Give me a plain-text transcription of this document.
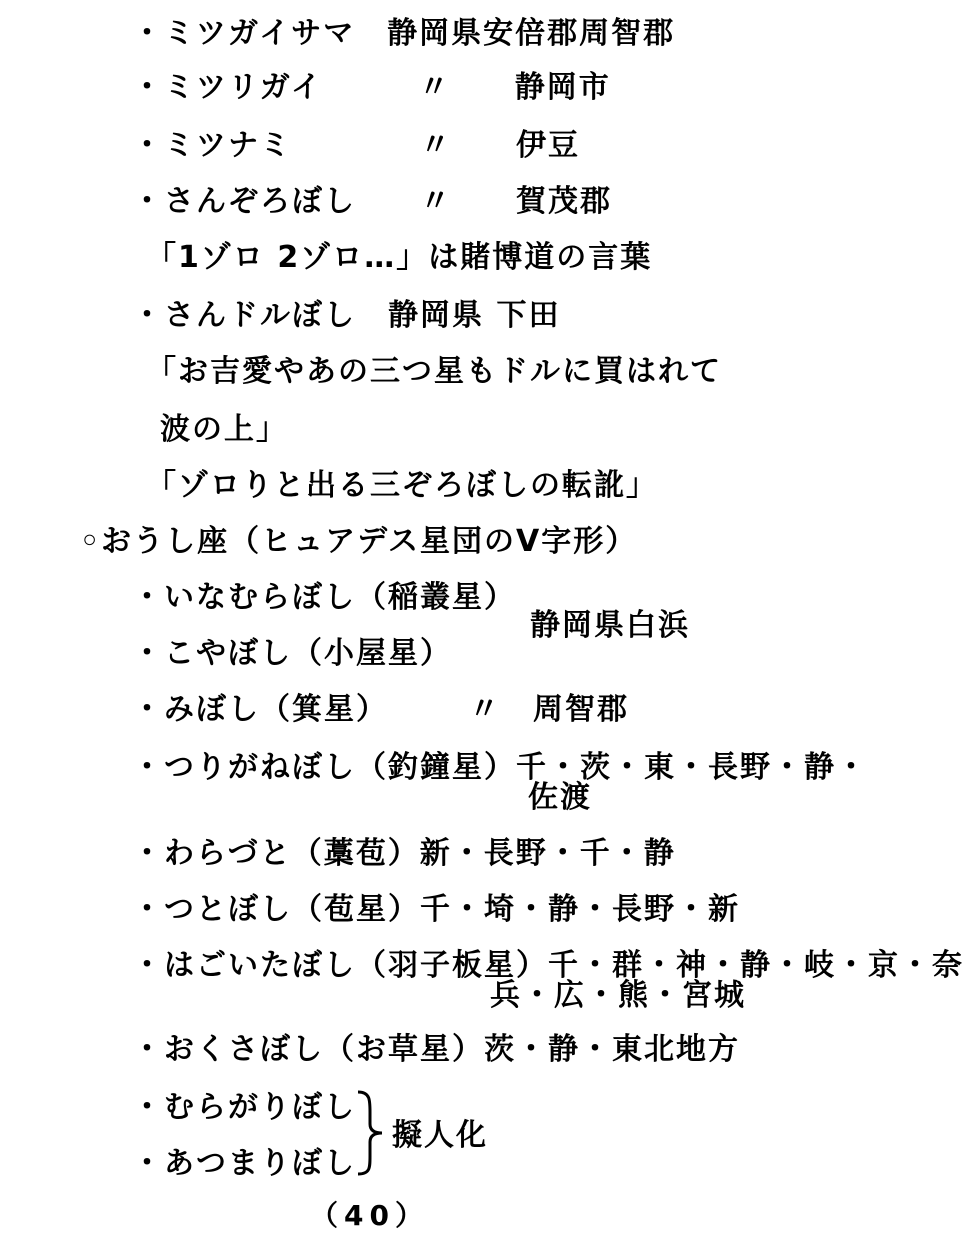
・ミツガイサマ　静岡県安倍郡周智郡
・ミツリガイ　　　〃　　静岡市
・ミツナミ　　　　〃　　伊豆
・さんぞろぼし　　〃　　賀茂郡
「1ゾロ 2ゾロ…」は賭博道の言葉
・さんドルぼし　静岡県 下田
「お吉愛やあの三つ星もドルに買はれて
波の上」
「ゾロりと出る三ぞろぼしの転訛」
◦おうし座（ヒュアデス星団のV字形）
・いなむらぼし（稲叢星）
静岡県白浜
・こやぼし（小屋星）
・みぼし（箕星）　　　〃　周智郡
・つりがねぼし（釣鐘星）千・茨・東・長野・静・
佐渡
・わらづと（藁苞）新・長野・千・静
・つとぼし（苞星）千・埼・静・長野・新
・はごいたぼし（羽子板星）千・群・神・静・岐・京・奈
兵・広・熊・宮城
・おくさぼし（お草星）茨・静・東北地方
・むらがりぼし
・あつまりぼし
擬人化
（40）
